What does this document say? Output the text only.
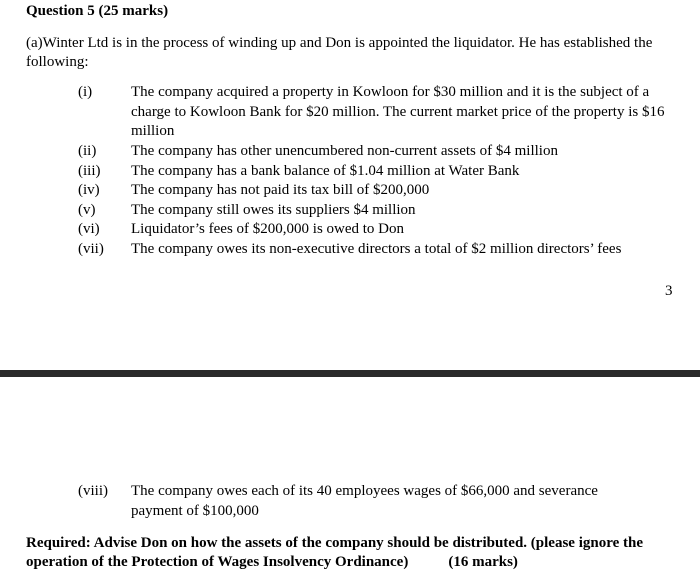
Question 5 (25 marks)
(a)Winter Ltd is in the process of winding up and Don is appointed the liquidator. He has established the following:
(i)	The company acquired a property in Kowloon for $30 million and it is the subject of a charge to Kowloon Bank for $20 million. The current market price of the property is $16 million
(ii) The company has other unencumbered non-current assets of $4 million
(iii) The company has a bank balance of $1.04 million at Water Bank
(iv) The company has not paid its tax bill of $200,000
(v) The company still owes its suppliers $4 million
(vi) Liquidator’s fees of $200,000 is owed to Don
(vii) The company owes its non-executive directors a total of $2 million directors’ fees
3
(viii) The company owes each of its 40 employees wages of $66,000 and severance payment of $100,000
Required: Advise Don on how the assets of the company should be distributed. (please ignore the operation of the Protection of Wages Insolvency Ordinance)	(16 marks)
